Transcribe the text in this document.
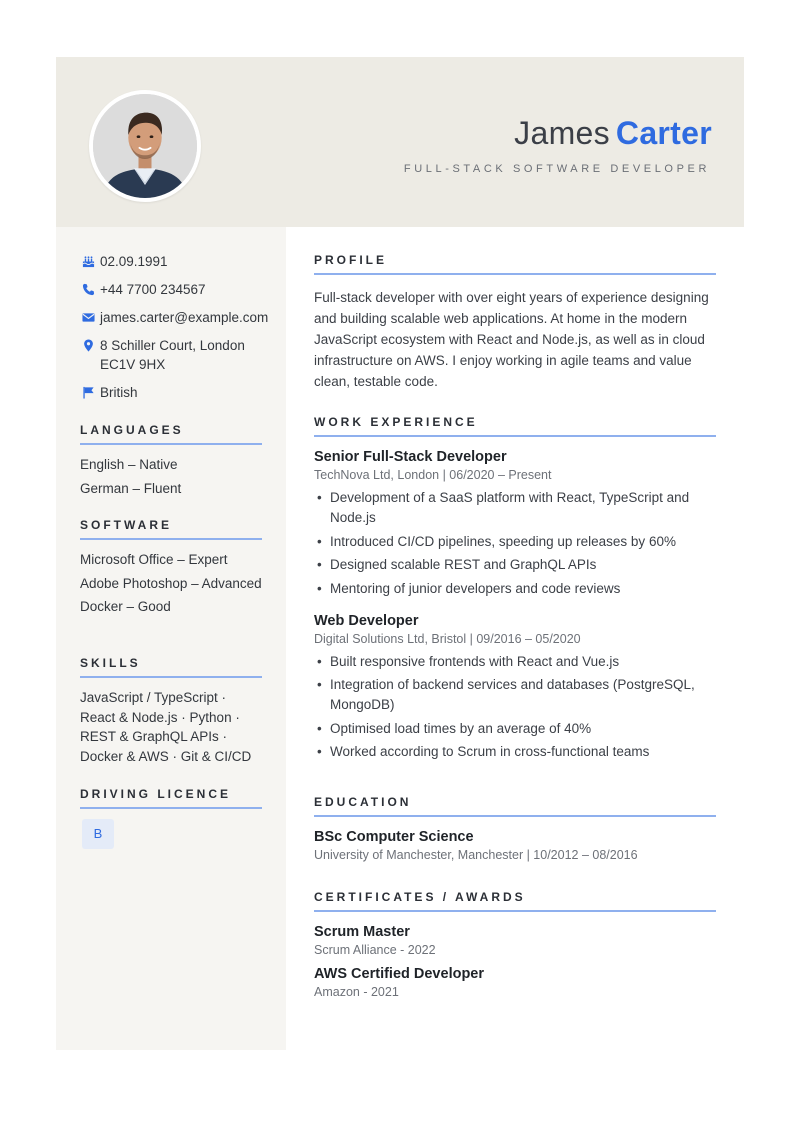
James Carter
FULL-STACK SOFTWARE DEVELOPER
02.09.1991
+44 7700 234567
james.carter@example.com
8 Schiller Court, London
EC1V 9HX
British
LANGUAGES
English – Native
German – Fluent
SOFTWARE
Microsoft Office – Expert
Adobe Photoshop – Advanced
Docker – Good
SKILLS
JavaScript / TypeScript · React & Node.js · Python · REST & GraphQL APIs · Docker & AWS · Git & CI/CD
DRIVING LICENCE
B
PROFILE
Full-stack developer with over eight years of experience designing and building scalable web applications. At home in the modern JavaScript ecosystem with React and Node.js, as well as in cloud infrastructure on AWS. I enjoy working in agile teams and value clean, testable code.
WORK EXPERIENCE
Senior Full-Stack Developer
TechNova Ltd, London | 06/2020 – Present
• Development of a SaaS platform with React, TypeScript and Node.js
• Introduced CI/CD pipelines, speeding up releases by 60%
• Designed scalable REST and GraphQL APIs
• Mentoring of junior developers and code reviews
Web Developer
Digital Solutions Ltd, Bristol | 09/2016 – 05/2020
• Built responsive frontends with React and Vue.js
• Integration of backend services and databases (PostgreSQL, MongoDB)
• Optimised load times by an average of 40%
• Worked according to Scrum in cross-functional teams
EDUCATION
BSc Computer Science
University of Manchester, Manchester | 10/2012 – 08/2016
CERTIFICATES / AWARDS
Scrum Master
Scrum Alliance - 2022
AWS Certified Developer
Amazon - 2021
